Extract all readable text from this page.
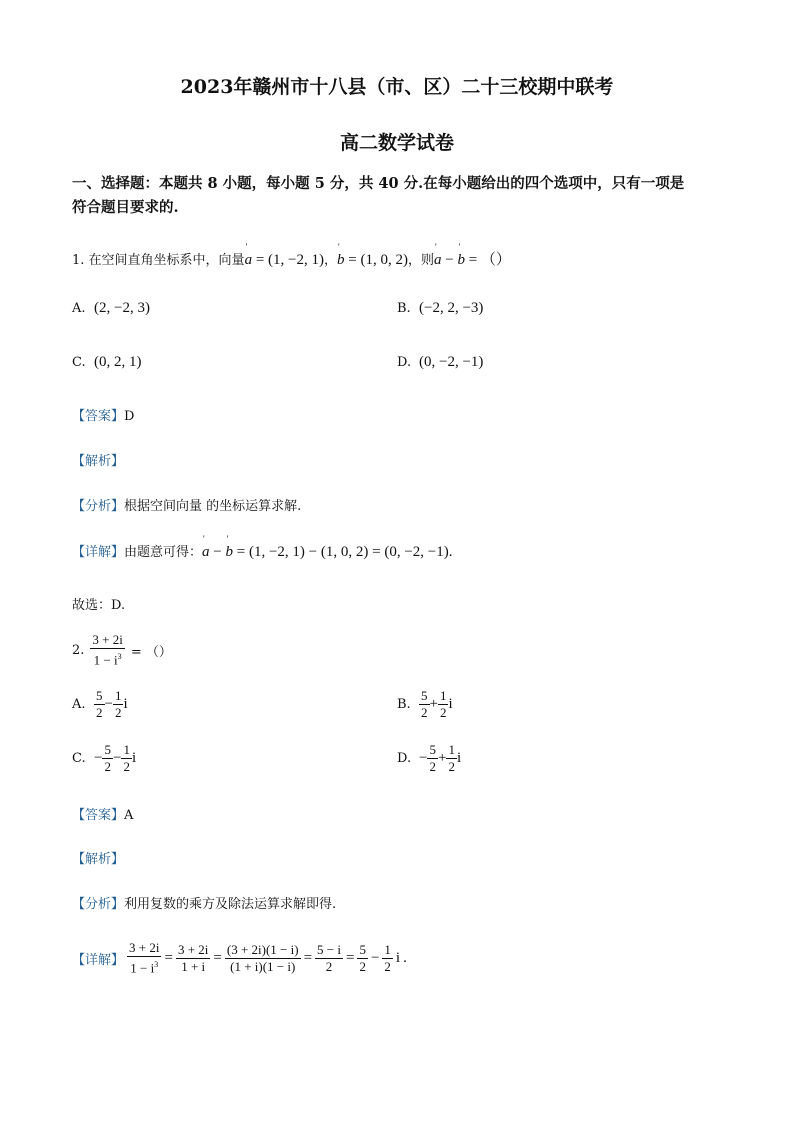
2023年赣州市十八县（市、区）二十三校期中联考
高二数学试卷
一、选择题：本题共 8 小题，每小题 5 分，共 40 分.在每小题给出的四个选项中，只有一项是
符合题目要求的.
1. 在空间直角坐标系中，向量' a = (1, −2, 1)，' b = (1, 0, 2)，则' a − ' b = （）
A. (2, −2, 3)	B. (−2, 2, −3)
C. (0, 2, 1)	D. (0, −2, −1)
【答案】D
【解析】
【分析】根据空间向量 的坐标运算求解.
【详解】由题意可得：' a − ' b = (1, −2, 1) − (1, 0, 2) = (0, −2, −1).
故选：D.
2. $\frac{3 + 2i}{1 - i^3}$ = （）
A. $\frac{5}{2} - \frac{1}{2}$ i	B. $\frac{5}{2} + \frac{1}{2}$ i
C. − $\frac{5}{2} - \frac{1}{2}$ i	D. − $\frac{5}{2} + \frac{1}{2}$ i
【答案】A
【解析】
【分析】利用复数的乘方及除法运算求解即得.
【详解】 $\frac{3 + 2i}{1 - i^3} = \frac{3 + 2i}{1 + i} = \frac{(3 + 2i)(1 - i)}{(1 + i)(1 - i)} = \frac{5 - i}{2} = \frac{5}{2} - \frac{1}{2}$ i .
